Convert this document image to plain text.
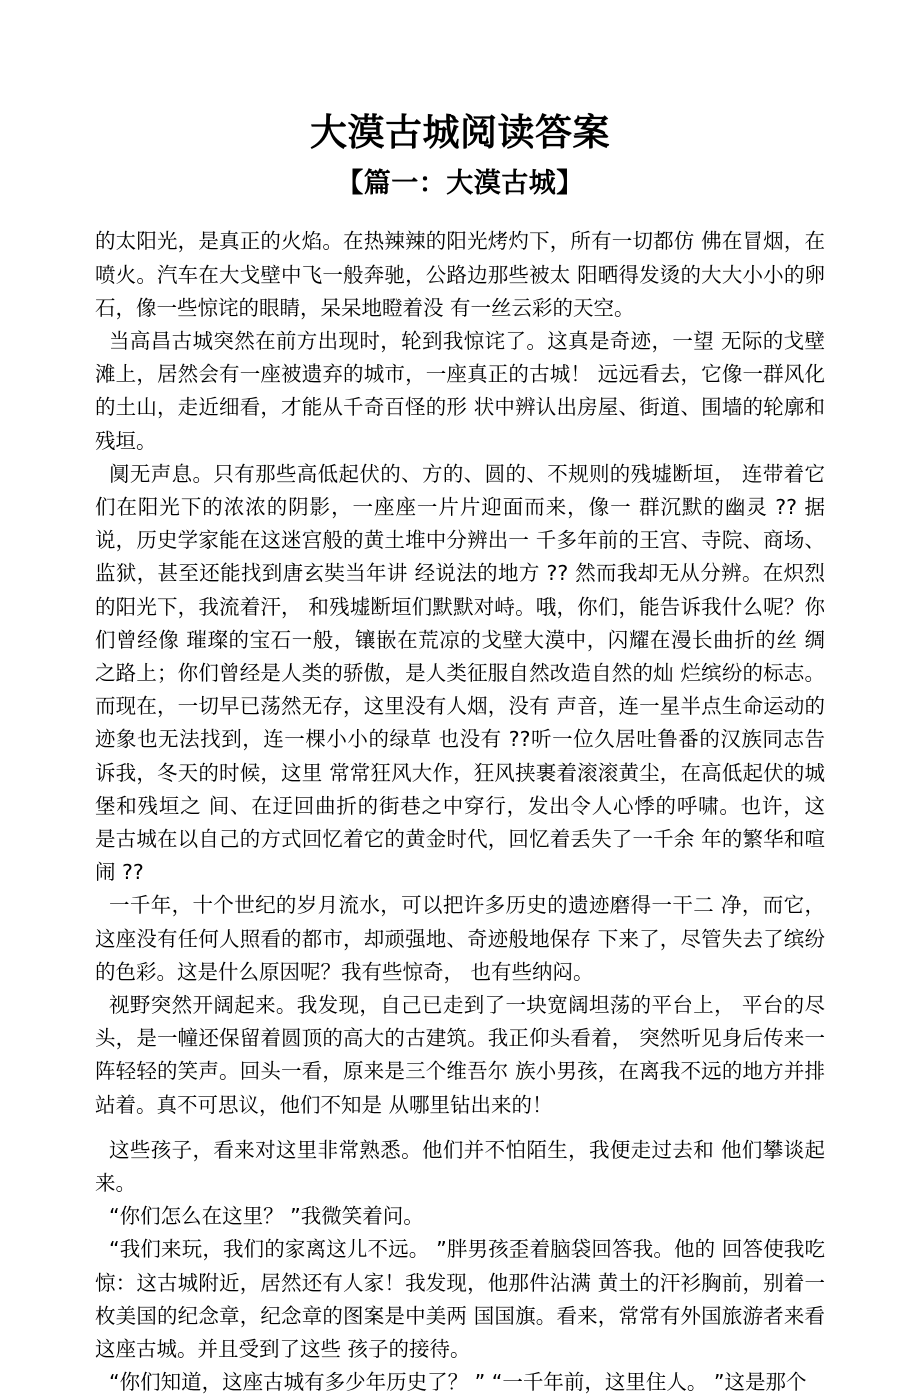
大漠古城阅读答案
【篇一：大漠古城】

的太阳光，是真正的火焰。在热辣辣的阳光烤灼下，所有一切都仿 佛在冒烟，在喷火。汽车在大戈壁中飞一般奔驰，公路边那些被太 阳晒得发烫的大大小小的卵石，像一些惊诧的眼睛，呆呆地瞪着没 有一丝云彩的天空。

当高昌古城突然在前方出现时，轮到我惊诧了。这真是奇迹，一望 无际的戈壁滩上，居然会有一座被遗弃的城市，一座真正的古城！ 远远看去，它像一群风化的土山，走近细看，才能从千奇百怪的形 状中辨认出房屋、街道、围墙的轮廓和残垣。

阒无声息。只有那些高低起伏的、方的、圆的、不规则的残墟断垣， 连带着它们在阳光下的浓浓的阴影，一座座一片片迎面而来，像一 群沉默的幽灵 ?? 据说，历史学家能在这迷宫般的黄土堆中分辨出一 千多年前的王宫、寺院、商场、监狱，甚至还能找到唐玄奘当年讲 经说法的地方 ?? 然而我却无从分辨。在炽烈的阳光下，我流着汗， 和残墟断垣们默默对峙。哦，你们，能告诉我什么呢？你们曾经像 璀璨的宝石一般，镶嵌在荒凉的戈壁大漠中，闪耀在漫长曲折的丝 绸之路上；你们曾经是人类的骄傲，是人类征服自然改造自然的灿 烂缤纷的标志。而现在，一切早已荡然无存，这里没有人烟，没有 声音，连一星半点生命运动的迹象也无法找到，连一棵小小的绿草 也没有 ??听一位久居吐鲁番的汉族同志告诉我，冬天的时候，这里 常常狂风大作，狂风挟裹着滚滚黄尘，在高低起伏的城堡和残垣之 间、在迂回曲折的街巷之中穿行，发出令人心悸的呼啸。也许，这 是古城在以自己的方式回忆着它的黄金时代，回忆着丢失了一千余 年的繁华和喧闹 ??

一千年，十个世纪的岁月流水，可以把许多历史的遗迹磨得一干二 净，而它，这座没有任何人照看的都市，却顽强地、奇迹般地保存 下来了，尽管失去了缤纷的色彩。这是什么原因呢？我有些惊奇， 也有些纳闷。

视野突然开阔起来。我发现，自己已走到了一块宽阔坦荡的平台上， 平台的尽头，是一幢还保留着圆顶的高大的古建筑。我正仰头看着， 突然听见身后传来一阵轻轻的笑声。回头一看，原来是三个维吾尔 族小男孩，在离我不远的地方并排站着。真不可思议，他们不知是 从哪里钻出来的！

这些孩子，看来对这里非常熟悉。他们并不怕陌生，我便走过去和 他们攀谈起来。

“你们怎么在这里？ ”我微笑着问。

“我们来玩，我们的家离这儿不远。 ”胖男孩歪着脑袋回答我。他的 回答使我吃惊：这古城附近，居然还有人家！我发现，他那件沾满 黄土的汗衫胸前，别着一枚美国的纪念章，纪念章的图案是中美两 国国旗。看来，常常有外国旅游者来看这座古城。并且受到了这些 孩子的接待。

“你们知道，这座古城有多少年历史了？ ” “一千年前，这里住人。 ”这是那个
